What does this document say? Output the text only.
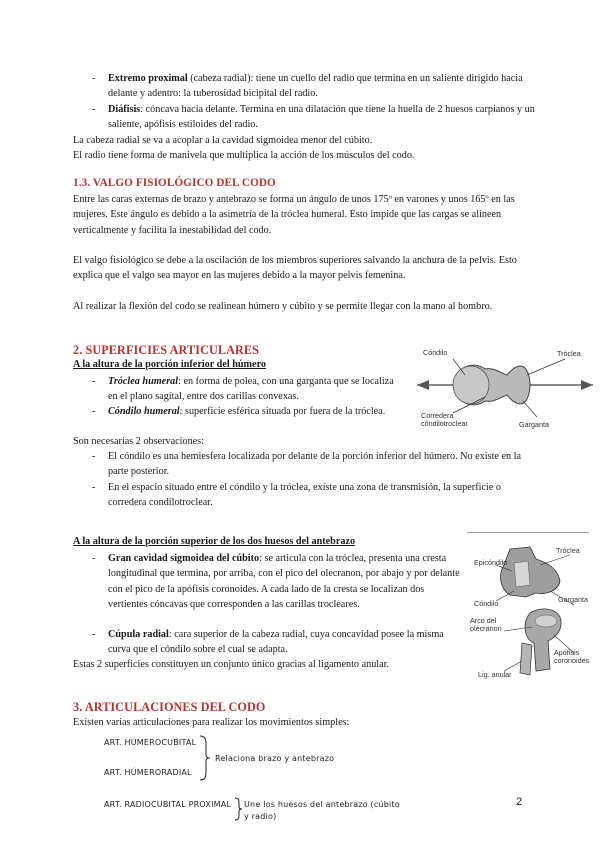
- Extremo proximal (cabeza radial): tiene un cuello del radio que termina en un saliente dirigido hacia delante y adentro: la tuberosidad bicipital del radio.
- Diáfisis: cóncava hacia delante. Termina en una dilatación que tiene la huella de 2 huesos carpianos y un saliente, apófisis estiloides del radio.

La cabeza radial se va a acoplar a la cavidad sigmoidea menor del cúbito.

El radio tiene forma de manivela que multiplica la acción de los músculos del codo.

1.3. VALGO FISIOLÓGICO DEL CODO

Entre las caras externas de brazo y antebrazo se forma un ángulo de unos 175º en varones y unos 165º en las mujeres. Este ángulo es debido a la asimetría de la tróclea humeral. Esto impide que las cargas se alineen verticalmente y facilita la inestabilidad del codo.

El valgo fisiológico se debe a la oscilación de los miembros superiores salvando la anchura de la pelvis. Esto explica que el valgo sea mayor en las mujeres debido a la mayor pelvis femenina.

Al realizar la flexión del codo se realinean húmero y cúbito y se permite llegar con la mano al hombro.

2. SUPERFICIES ARTICULARES
A la altura de la porción inferior del húmero
- Tróclea humeral: en forma de polea, con una garganta que se localiza en el plano sagital, entre dos carillas convexas.
- Cóndilo humeral: superficie esférica situada por fuera de la tróclea.
Cóndilo	Tróclea
Corredera cóndilotroclear	Garganta

Son necesarias 2 observaciones:

- El cóndilo es una hemiesfera localizada por delante de la porción inferior del húmero. No existe en la parte posterior.
- En el espacio situado entre el cóndilo y la tróclea, existe una zona de transmisión, la superficie o corredera condilotroclear.
A la altura de la porción superior de los dos huesos del antebrazo
- Gran cavidad sigmoidea del cúbito: se articula con la tróclea, presenta una cresta longitudinal que termina, por arriba, con el pico del olecranon, por abajo y por delante con el pico de la apófisis coronoides. A cada lado de la cresta se localizan dos vertientes cóncavas que corresponden a las carillas trocleares.
- Cúpula radial: cara superior de la cabeza radial, cuya concavidad posee la misma curva que el cóndilo sobre el cual se adapta.

Estas 2 superficies constituyen un conjunto único gracias al ligamento anular.

Epicóndilo
Tróclea
Cóndilo	Garganta
Arco del olécranon
Apófisis coronoides
Lig. anular
3. ARTICULACIONES DEL CODO

Existen varias articulaciones para realizar los movimientos simples:

ART. HÚMEROCUBITAL
ART. HÚMERORADIAL
Relaciona brazo y antebrazo
ART. RADIOCUBITAL PROXIMAL Une los huesos del antebrazo (cúbito
y radio)
2
